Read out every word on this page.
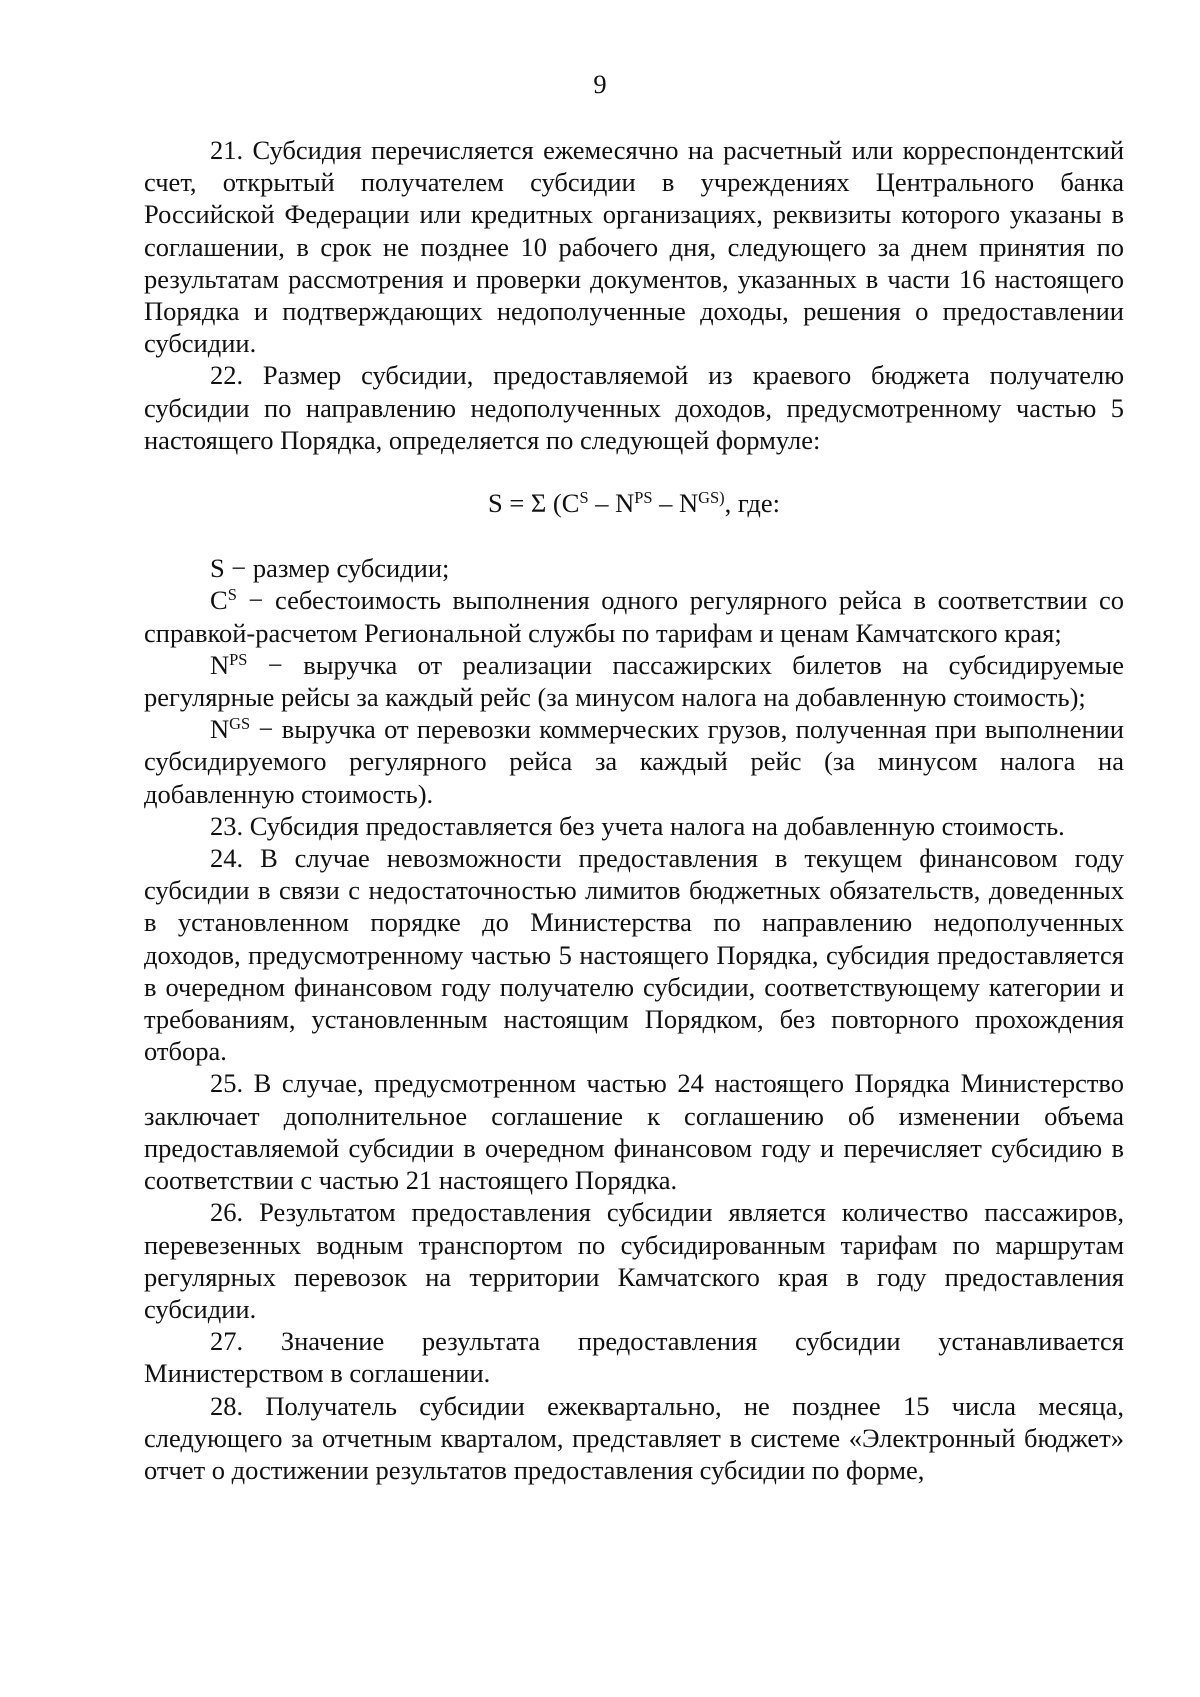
9

21. Субсидия перечисляется ежемесячно на расчетный или корреспондентский счет, открытый получателем субсидии в учреждениях Центрального банка Российской Федерации или кредитных организациях, реквизиты которого указаны в соглашении, в срок не позднее 10 рабочего дня, следующего за днем принятия по результатам рассмотрения и проверки документов, указанных в части 16 настоящего Порядка и подтверждающих недополученные доходы, решения о предоставлении субсидии.

22. Размер субсидии, предоставляемой из краевого бюджета получателю субсидии по направлению недополученных доходов, предусмотренному частью 5 настоящего Порядка, определяется по следующей формуле:

S = Σ ($C^S - N^{PS} - N^{GS)}$, где:

S − размер субсидии;

$C^S$ − себестоимость выполнения одного регулярного рейса в соответствии со справкой-расчетом Региональной службы по тарифам и ценам Камчатского края;

$N^{PS}$ − выручка от реализации пассажирских билетов на субсидируемые регулярные рейсы за каждый рейс (за минусом налога на добавленную стоимость);

$N^{GS}$ − выручка от перевозки коммерческих грузов, полученная при выполнении субсидируемого регулярного рейса за каждый рейс (за минусом налога на добавленную стоимость).

23. Субсидия предоставляется без учета налога на добавленную стоимость.

24. В случае невозможности предоставления в текущем финансовом году субсидии в связи с недостаточностью лимитов бюджетных обязательств, доведенных в установленном порядке до Министерства по направлению недополученных доходов, предусмотренному частью 5 настоящего Порядка, субсидия предоставляется в очередном финансовом году получателю субсидии, соответствующему категории и требованиям, установленным настоящим Порядком, без повторного прохождения отбора.

25. В случае, предусмотренном частью 24 настоящего Порядка Министерство заключает дополнительное соглашение к соглашению об изменении объема предоставляемой субсидии в очередном финансовом году и перечисляет субсидию в соответствии с частью 21 настоящего Порядка.

26. Результатом предоставления субсидии является количество пассажиров, перевезенных водным транспортом по субсидированным тарифам по маршрутам регулярных перевозок на территории Камчатского края в году предоставления субсидии.

27. Значение результата предоставления субсидии устанавливается Министерством в соглашении.

28. Получатель субсидии ежеквартально, не позднее 15 числа месяца, следующего за отчетным кварталом, представляет в системе «Электронный бюджет» отчет о достижении результатов предоставления субсидии по форме,
